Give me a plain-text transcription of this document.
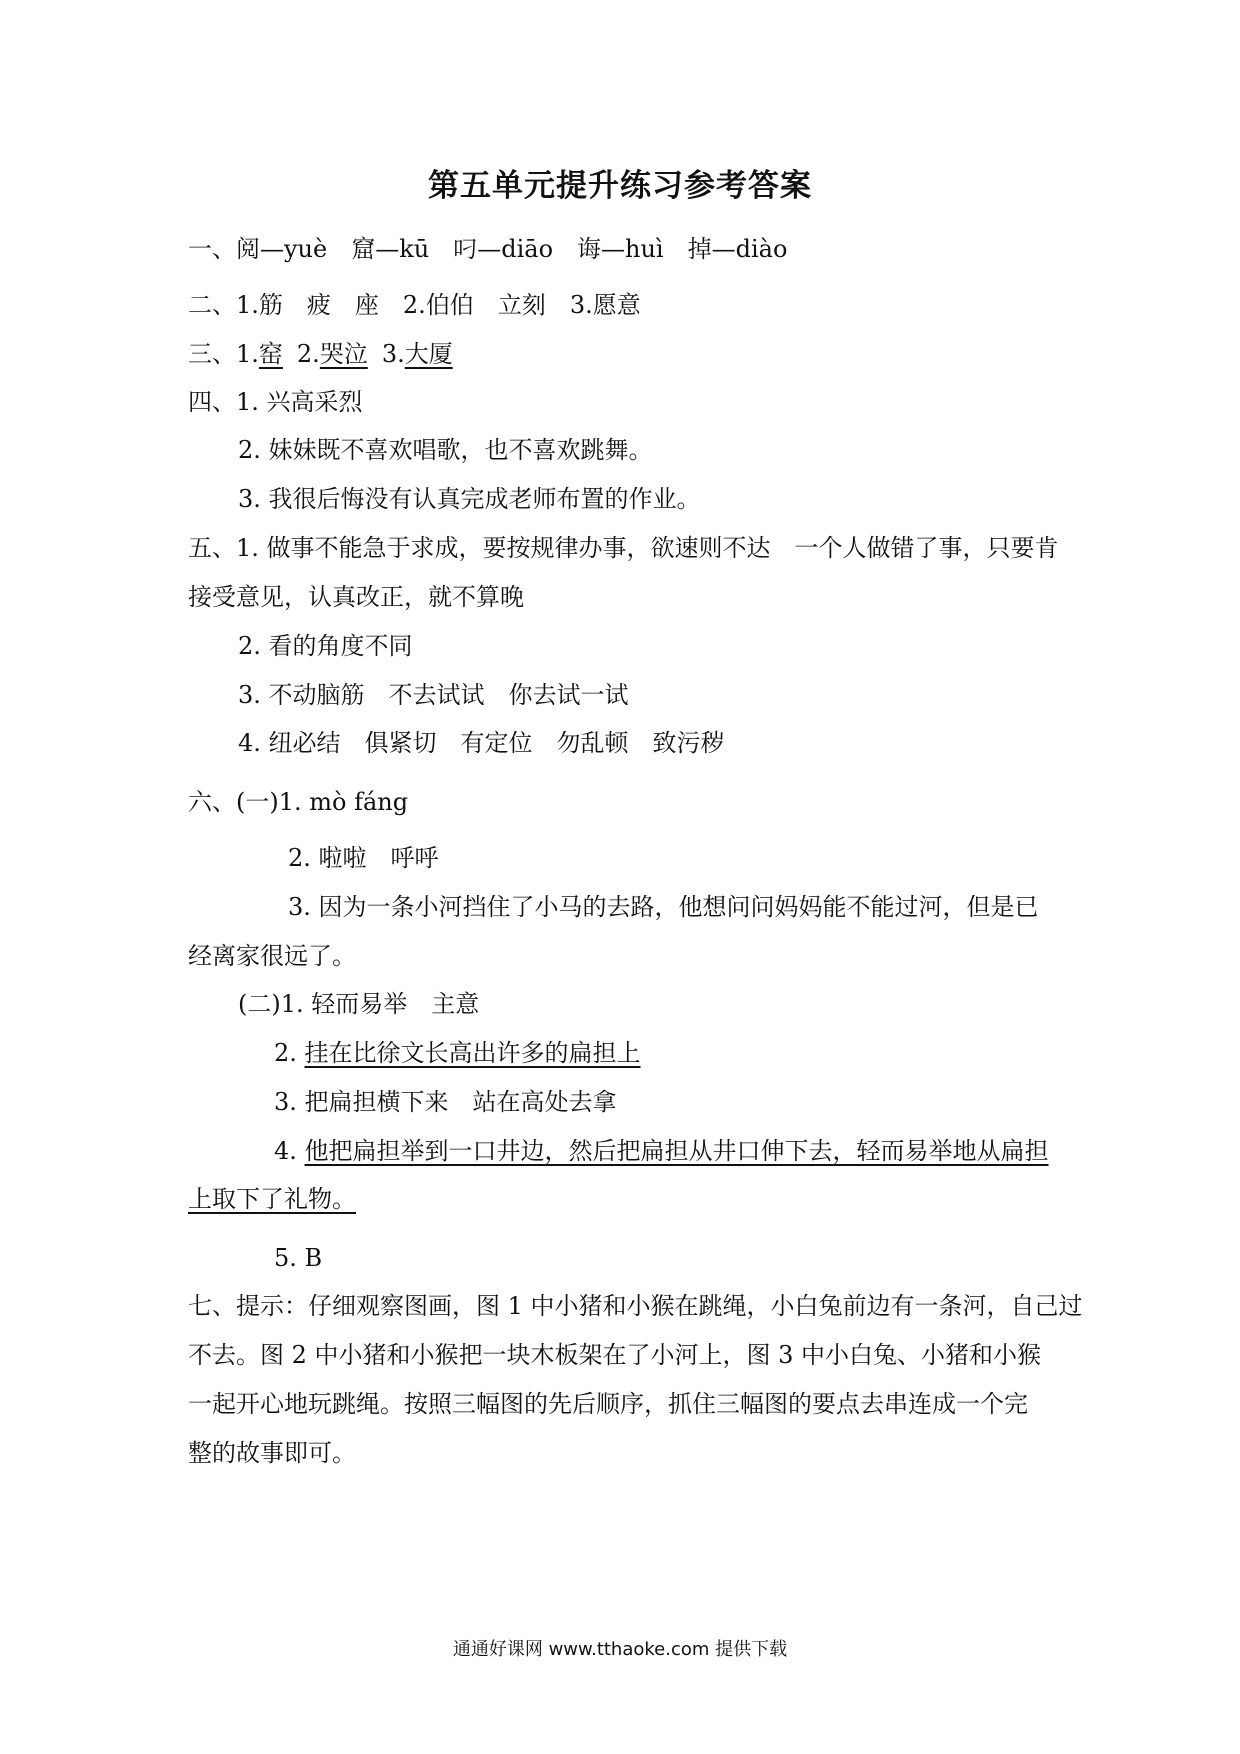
第五单元提升练习参考答案
一、阅—yuè 窟—kū 叼—diāo 诲—huì 掉—diào
二、1.筋 疲 座 2.伯伯 立刻 3.愿意
三、1.窑 2.哭泣 3.大厦
四、1. 兴高采烈
2. 妹妹既不喜欢唱歌，也不喜欢跳舞。
3. 我很后悔没有认真完成老师布置的作业。
五、1. 做事不能急于求成，要按规律办事，欲速则不达 一个人做错了事，只要肯
接受意见，认真改正，就不算晚
2. 看的角度不同
3. 不动脑筋 不去试试 你去试一试
4. 纽必结 俱紧切 有定位 勿乱顿 致污秽
六、(一)1. mò fáng
2. 啦啦 呼呼
3. 因为一条小河挡住了小马的去路，他想问问妈妈能不能过河，但是已
经离家很远了。
(二)1. 轻而易举 主意
2. 挂在比徐文长高出许多的扁担上
3. 把扁担横下来 站在高处去拿
4. 他把扁担举到一口井边，然后把扁担从井口伸下去，轻而易举地从扁担
上取下了礼物。
5. B
七、提示：仔细观察图画，图 1 中小猪和小猴在跳绳，小白兔前边有一条河，自己过
不去。图 2 中小猪和小猴把一块木板架在了小河上，图 3 中小白兔、小猪和小猴
一起开心地玩跳绳。按照三幅图的先后顺序，抓住三幅图的要点去串连成一个完
整的故事即可。
通通好课网 www.tthaoke.com 提供下载
